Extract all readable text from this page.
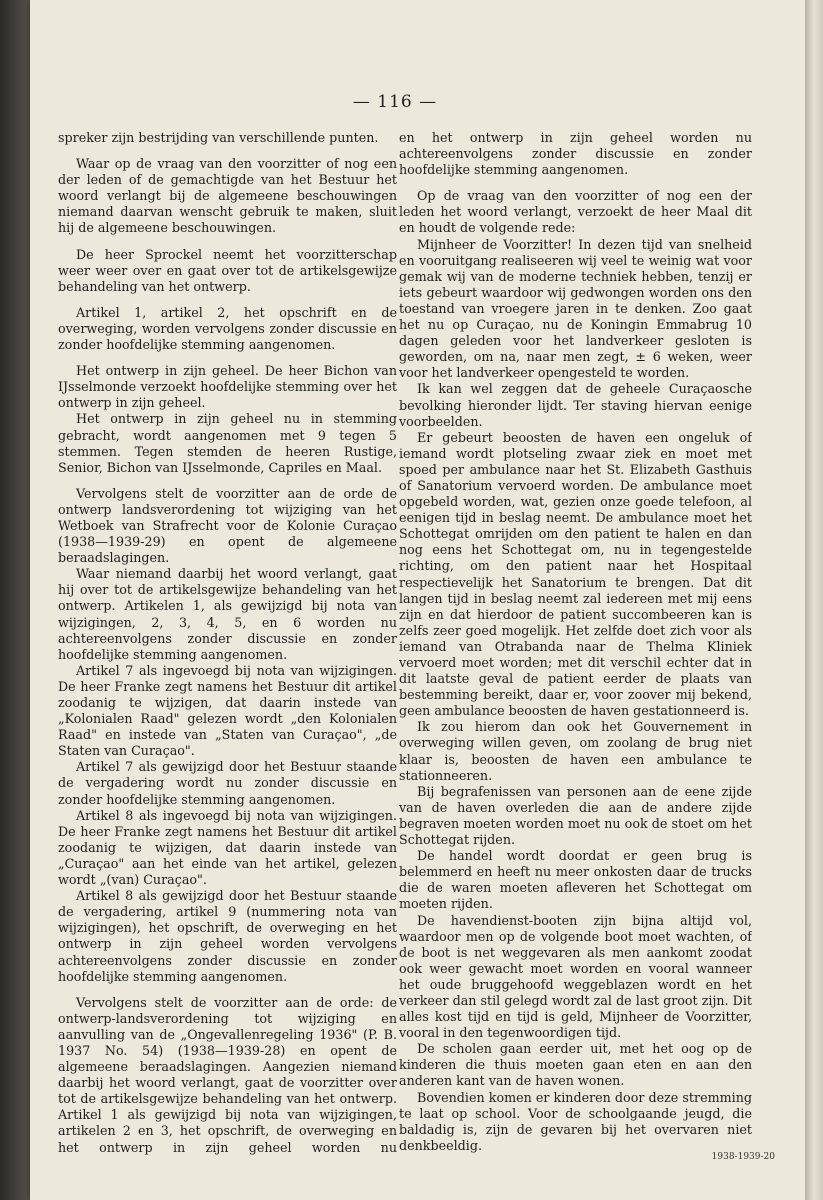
— 116 —

spreker zijn bestrijding van verschillende punten.

Waar op de vraag van den voorzitter of nog een der leden of de gemachtigde van het Bestuur het woord verlangt bij de algemeene beschouwingen niemand daarvan wenscht gebruik te maken, sluit hij de algemeene beschouwingen.

De heer Sprockel neemt het voorzitterschap weer weer over en gaat over tot de artikelsgewijze behandeling van het ontwerp.

Artikel 1, artikel 2, het opschrift en de overweging, worden vervolgens zonder discussie en zonder hoofdelijke stemming aangenomen.

Het ontwerp in zijn geheel. De heer Bichon van IJsselmonde verzoekt hoofdelijke stemming over het ontwerp in zijn geheel.

Het ontwerp in zijn geheel nu in stemming gebracht, wordt aangenomen met 9 tegen 5 stemmen. Tegen stemden de heeren Rustige, Senior, Bichon van IJsselmonde, Capriles en Maal.

Vervolgens stelt de voorzitter aan de orde de ontwerp landsverordening tot wijziging van het Wetboek van Strafrecht voor de Kolonie Curaçao (1938—1939-29) en opent de algemeene beraadslagingen.

Waar niemand daarbij het woord verlangt, gaat hij over tot de artikelsgewijze behandeling van het ontwerp. Artikelen 1, als gewijzigd bij nota van wijzigingen, 2, 3, 4, 5, en 6 worden nu achtereenvolgens zonder discussie en zonder hoofdelijke stemming aangenomen.

Artikel 7 als ingevoegd bij nota van wijzigingen. De heer Franke zegt namens het Bestuur dit artikel zoodanig te wijzigen, dat daarin instede van „Kolonialen Raad" gelezen wordt „den Kolonialen Raad" en instede van „Staten van Curaçao", „de Staten van Curaçao".

Artikel 7 als gewijzigd door het Bestuur staande de vergadering wordt nu zonder discussie en zonder hoofdelijke stemming aangenomen.

Artikel 8 als ingevoegd bij nota van wijzigingen. De heer Franke zegt namens het Bestuur dit artikel zoodanig te wijzigen, dat daarin instede van „Curaçao" aan het einde van het artikel, gelezen wordt „(van) Curaçao".

Artikel 8 als gewijzigd door het Bestuur staande de vergadering, artikel 9 (nummering nota van wijzigingen), het opschrift, de overweging en het ontwerp in zijn geheel worden vervolgens achtereenvolgens zonder discussie en zonder hoofdelijke stemming aangenomen.

Vervolgens stelt de voorzitter aan de orde: de ontwerp-landsverordening tot wijziging en aanvulling van de „Ongevallenregeling 1936" (P. B. 1937 No. 54) (1938—1939-28) en opent de algemeene beraadslagingen. Aangezien niemand daarbij het woord verlangt, gaat de voorzitter over tot de artikelsgewijze behandeling van het ontwerp. Artikel 1 als gewijzigd bij nota van wijzigingen, artikelen 2 en 3, het opschrift, de overweging en het ontwerp in zijn geheel worden nu

en het ontwerp in zijn geheel worden nu achtereenvolgens zonder discussie en zonder hoofdelijke stemming aangenomen.

Op de vraag van den voorzitter of nog een der leden het woord verlangt, verzoekt de heer Maal dit en houdt de volgende rede:

Mijnheer de Voorzitter! In dezen tijd van snelheid en vooruitgang realiseeren wij veel te weinig wat voor gemak wij van de moderne techniek hebben, tenzij er iets gebeurt waardoor wij gedwongen worden ons den toestand van vroegere jaren in te denken. Zoo gaat het nu op Curaçao, nu de Koningin Emmabrug 10 dagen geleden voor het landverkeer gesloten is geworden, om na, naar men zegt, ± 6 weken, weer voor het landverkeer opengesteld te worden.

Ik kan wel zeggen dat de geheele Curaçaosche bevolking hieronder lijdt. Ter staving hiervan eenige voorbeelden.

Er gebeurt beoosten de haven een ongeluk of iemand wordt plotseling zwaar ziek en moet met spoed per ambulance naar het St. Elizabeth Gasthuis of Sanatorium vervoerd worden. De ambulance moet opgebeld worden, wat, gezien onze goede telefoon, al eenigen tijd in beslag neemt. De ambulance moet het Schottegat omrijden om den patient te halen en dan nog eens het Schottegat om, nu in tegengestelde richting, om den patient naar het Hospitaal respectievelijk het Sanatorium te brengen. Dat dit langen tijd in beslag neemt zal iedereen met mij eens zijn en dat hierdoor de patient succombeeren kan is zelfs zeer goed mogelijk. Het zelfde doet zich voor als iemand van Otrabanda naar de Thelma Kliniek vervoerd moet worden; met dit verschil echter dat in dit laatste geval de patient eerder de plaats van bestemming bereikt, daar er, voor zoover mij bekend, geen ambulance beoosten de haven gestationneerd is.

Ik zou hierom dan ook het Gouvernement in overweging willen geven, om zoolang de brug niet klaar is, beoosten de haven een ambulance te stationneeren.

Bij begrafenissen van personen aan de eene zijde van de haven overleden die aan de andere zijde begraven moeten worden moet nu ook de stoet om het Schottegat rijden.

De handel wordt doordat er geen brug is belemmerd en heeft nu meer onkosten daar de trucks die de waren moeten afleveren het Schottegat om moeten rijden.

De havendienst-booten zijn bijna altijd vol, waardoor men op de volgende boot moet wachten, of de boot is net weggevaren als men aankomt zoodat ook weer gewacht moet worden en vooral wanneer het oude bruggehoofd weggeblazen wordt en het verkeer dan stil gelegd wordt zal de last groot zijn. Dit alles kost tijd en tijd is geld, Mijnheer de Voorzitter, vooral in den tegenwoordigen tijd.

De scholen gaan eerder uit, met het oog op de kinderen die thuis moeten gaan eten en aan den anderen kant van de haven wonen.

Bovendien komen er kinderen door deze stremming te laat op school. Voor de schoolgaande jeugd, die baldadig is, zijn de gevaren bij het overvaren niet denkbeeldig.

1938-1939-20
